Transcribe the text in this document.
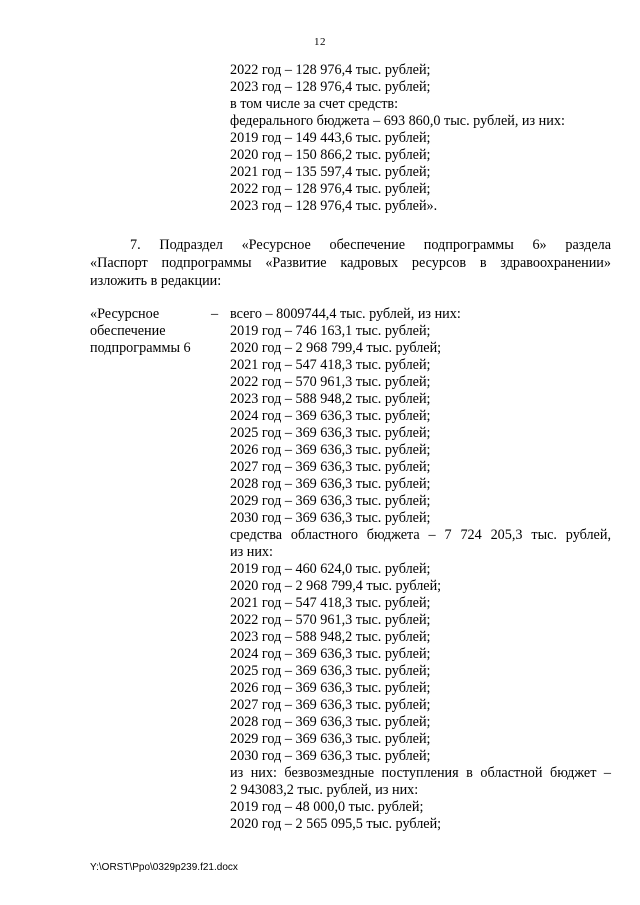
12
2022 год – 128 976,4 тыс. рублей;
2023 год – 128 976,4 тыс. рублей;
в том числе за счет средств:
федерального бюджета – 693 860,0 тыс. рублей, из них:
2019 год – 149 443,6 тыс. рублей;
2020 год – 150 866,2 тыс. рублей;
2021 год – 135 597,4 тыс. рублей;
2022 год – 128 976,4 тыс. рублей;
2023 год – 128 976,4 тыс. рублей».
7. Подраздел «Ресурсное обеспечение подпрограммы 6» раздела
«Паспорт подпрограммы «Развитие кадровых ресурсов в здравоохранении»
изложить в редакции:
«Ресурсное
обеспечение
подпрограммы 6
– всего – 8009744,4 тыс. рублей, из них:
2019 год – 746 163,1 тыс. рублей;
2020 год – 2 968 799,4 тыс. рублей;
2021 год – 547 418,3 тыс. рублей;
2022 год – 570 961,3 тыс. рублей;
2023 год – 588 948,2 тыс. рублей;
2024 год – 369 636,3 тыс. рублей;
2025 год – 369 636,3 тыс. рублей;
2026 год – 369 636,3 тыс. рублей;
2027 год – 369 636,3 тыс. рублей;
2028 год – 369 636,3 тыс. рублей;
2029 год – 369 636,3 тыс. рублей;
2030 год – 369 636,3 тыс. рублей;
средства областного бюджета – 7 724 205,3 тыс. рублей,
из них:
2019 год – 460 624,0 тыс. рублей;
2020 год – 2 968 799,4 тыс. рублей;
2021 год – 547 418,3 тыс. рублей;
2022 год – 570 961,3 тыс. рублей;
2023 год – 588 948,2 тыс. рублей;
2024 год – 369 636,3 тыс. рублей;
2025 год – 369 636,3 тыс. рублей;
2026 год – 369 636,3 тыс. рублей;
2027 год – 369 636,3 тыс. рублей;
2028 год – 369 636,3 тыс. рублей;
2029 год – 369 636,3 тыс. рублей;
2030 год – 369 636,3 тыс. рублей;
из них: безвозмездные поступления в областной бюджет –
2 943083,2 тыс. рублей, из них:
2019 год – 48 000,0 тыс. рублей;
2020 год – 2 565 095,5 тыс. рублей;
Y:\ORST\Ppo\0329p239.f21.docx
